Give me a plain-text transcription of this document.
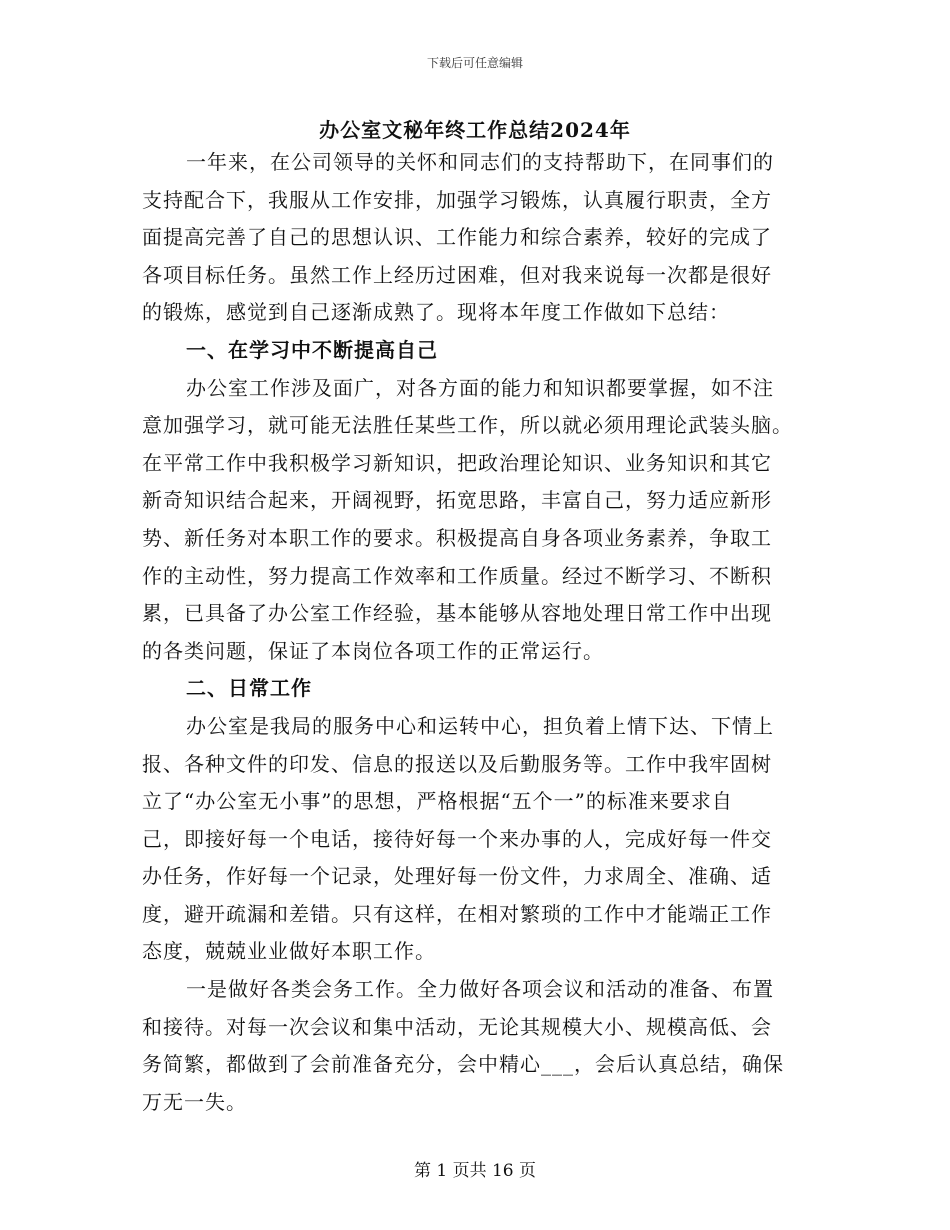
下载后可任意编辑
办公室文秘年终工作总结2024年
一年来，在公司领导的关怀和同志们的支持帮助下，在同事们的
支持配合下，我服从工作安排，加强学习锻炼，认真履行职责，全方
面提高完善了自己的思想认识、工作能力和综合素养，较好的完成了
各项目标任务。虽然工作上经历过困难，但对我来说每一次都是很好
的锻炼，感觉到自己逐渐成熟了。现将本年度工作做如下总结：
一、在学习中不断提高自己
办公室工作涉及面广，对各方面的能力和知识都要掌握，如不注
意加强学习，就可能无法胜任某些工作，所以就必须用理论武装头脑。
在平常工作中我积极学习新知识，把政治理论知识、业务知识和其它
新奇知识结合起来，开阔视野，拓宽思路，丰富自己，努力适应新形
势、新任务对本职工作的要求。积极提高自身各项业务素养，争取工
作的主动性，努力提高工作效率和工作质量。经过不断学习、不断积
累，已具备了办公室工作经验，基本能够从容地处理日常工作中出现
的各类问题，保证了本岗位各项工作的正常运行。
二、日常工作
办公室是我局的服务中心和运转中心，担负着上情下达、下情上
报、各种文件的印发、信息的报送以及后勤服务等。工作中我牢固树
立了“办公室无小事”的思想，严格根据“五个一”的标准来要求自
己，即接好每一个电话，接待好每一个来办事的人，完成好每一件交
办任务，作好每一个记录，处理好每一份文件，力求周全、准确、适
度，避开疏漏和差错。只有这样，在相对繁琐的工作中才能端正工作
态度，兢兢业业做好本职工作。
一是做好各类会务工作。全力做好各项会议和活动的准备、布置
和接待。对每一次会议和集中活动，无论其规模大小、规模高低、会
务简繁，都做到了会前准备充分，会中精心___，会后认真总结，确保
万无一失。
第 1 页共 16 页
